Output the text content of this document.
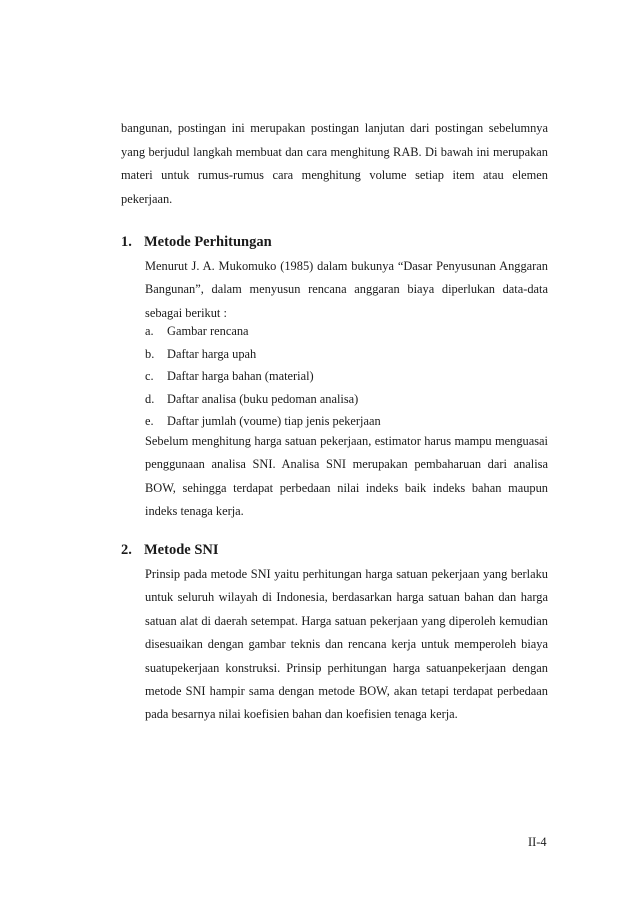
bangunan, postingan ini merupakan postingan lanjutan dari postingan sebelumnya yang berjudul langkah membuat dan cara menghitung RAB. Di bawah ini merupakan materi untuk rumus-rumus cara menghitung volume setiap item atau elemen pekerjaan.

1. Metode Perhitungan

Menurut J. A. Mukomuko (1985) dalam bukunya “Dasar Penyusunan Anggaran Bangunan”, dalam menyusun rencana anggaran biaya diperlukan data-data sebagai berikut :

a. Gambar rencana
b. Daftar harga upah
c. Daftar harga bahan (material)
d. Daftar analisa (buku pedoman analisa)
e. Daftar jumlah (voume) tiap jenis pekerjaan

Sebelum menghitung harga satuan pekerjaan, estimator harus mampu menguasai penggunaan analisa SNI. Analisa SNI merupakan pembaharuan dari analisa BOW, sehingga terdapat perbedaan nilai indeks baik indeks bahan maupun indeks tenaga kerja.

2. Metode SNI

Prinsip pada metode SNI yaitu perhitungan harga satuan pekerjaan yang berlaku untuk seluruh wilayah di Indonesia, berdasarkan harga satuan bahan dan harga satuan alat di daerah setempat. Harga satuan pekerjaan yang diperoleh kemudian disesuaikan dengan gambar teknis dan rencana kerja untuk memperoleh biaya suatupekerjaan konstruksi. Prinsip perhitungan harga satuanpekerjaan dengan metode SNI hampir sama dengan metode BOW, akan tetapi terdapat perbedaan pada besarnya nilai koefisien bahan dan koefisien tenaga kerja.

II-4
